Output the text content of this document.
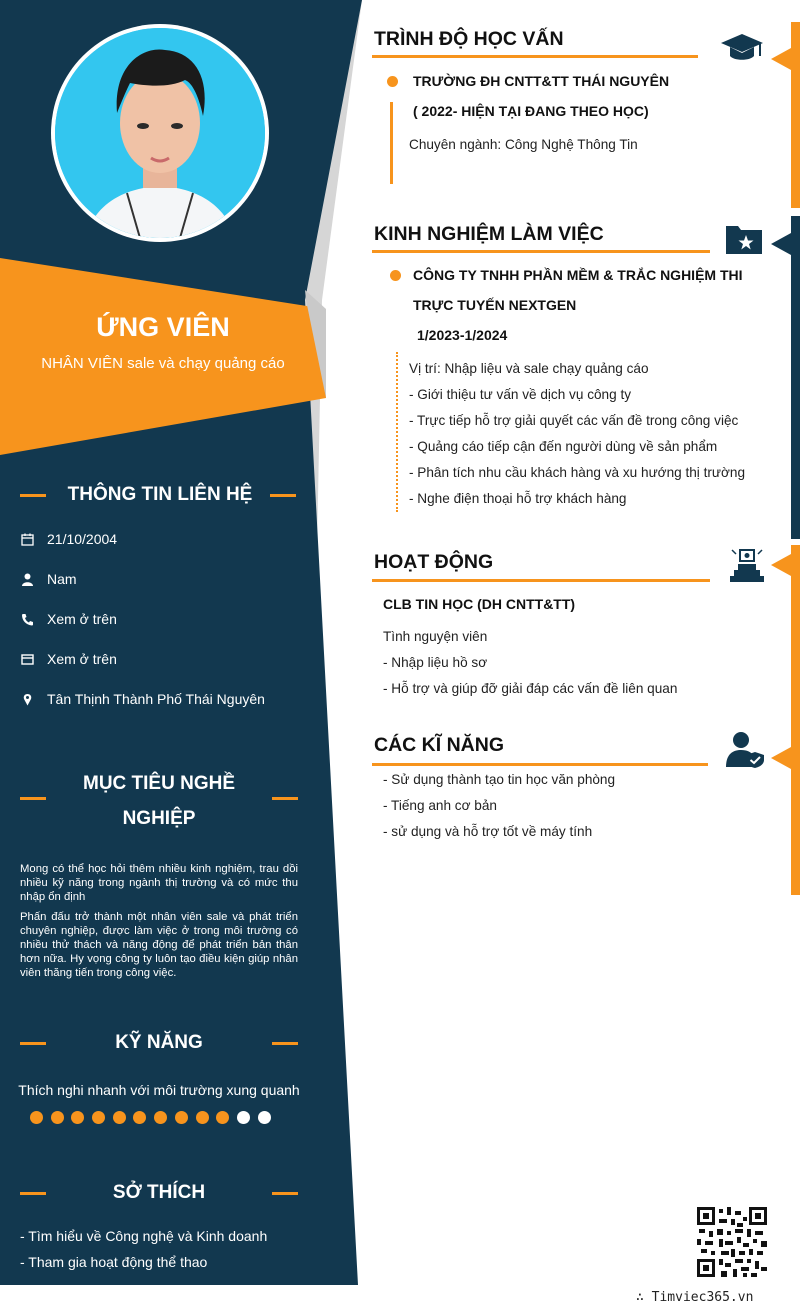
ỨNG VIÊN
NHÂN VIÊN sale và chạy quảng cáo
THÔNG TIN LIÊN HỆ
21/10/2004
Nam
Xem ở trên
Xem ở trên
Tân Thịnh Thành Phố Thái Nguyên
MỤC TIÊU NGHỀ
NGHIỆP

Mong có thể học hỏi thêm nhiều kinh nghiệm, trau dồi nhiều kỹ năng trong ngành thị trường và có mức thu nhập ổn định

Phấn đấu trở thành một nhân viên sale và phát triển chuyên nghiệp, được làm việc ở trong môi trường có nhiều thử thách và năng động để phát triển bản thân hơn nữa. Hy vọng công ty luôn tạo điều kiện giúp nhân viên thăng tiến trong công việc.

KỸ NĂNG
Thích nghi nhanh với môi trường xung quanh
SỞ THÍCH
- Tìm hiểu về Công nghệ và Kinh doanh
- Tham gia hoạt động thể thao
TRÌNH ĐỘ HỌC VẤN
TRƯỜNG ĐH CNTT&TT THÁI NGUYÊN
( 2022- HIỆN TẠI ĐANG THEO HỌC)
Chuyên ngành: Công Nghệ Thông Tin
KINH NGHIỆM LÀM VIỆC
CÔNG TY TNHH PHẦN MỀM & TRẮC NGHIỆM THI
TRỰC TUYẾN NEXTGEN
1/2023-1/2024
Vị trí: Nhập liệu và sale chạy quảng cáo
- Giới thiệu tư vấn về dịch vụ công ty
- Trực tiếp hỗ trợ giải quyết các vấn đề trong công việc
- Quảng cáo tiếp cận đến người dùng về sản phẩm
- Phân tích nhu cầu khách hàng và xu hướng thị trường
- Nghe điện thoại hỗ trợ khách hàng
HOẠT ĐỘNG
CLB TIN HỌC (DH CNTT&TT)
Tình nguyện viên
- Nhập liệu hồ sơ
- Hỗ trợ và giúp đỡ giải đáp các vấn đề liên quan
CÁC KĨ NĂNG
- Sử dụng thành tạo tin học văn phòng
- Tiếng anh cơ bản
- sử dụng và hỗ trợ tốt về máy tính
∴ Timviec365.vn
